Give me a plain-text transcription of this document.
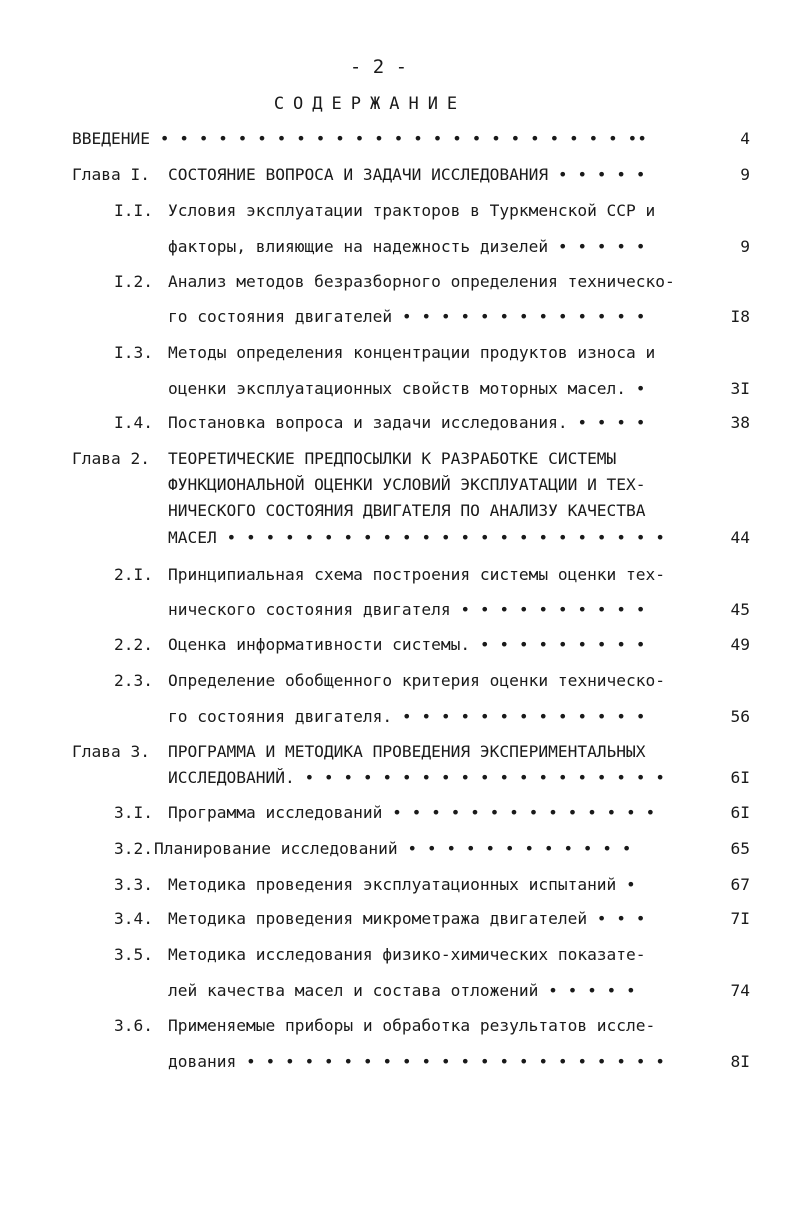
- 2 -
СОДЕРЖАНИЕ
ВВЕДЕНИЕ • • • • • • • • • • • • • • • • • • • • • • • • ••	4
Глава I. СОСТОЯНИЕ ВОПРОСА И ЗАДАЧИ ИССЛЕДОВАНИЯ • • • • •	9
I.I. Условия эксплуатации тракторов в Туркменской ССР и
факторы, влияющие на надежность дизелей • • • • •	9
I.2. Анализ методов безразборного определения техническо-
го состояния двигателей • • • • • • • • • • • • •	I8
I.3. Методы определения концентрации продуктов износа и
оценки эксплуатационных свойств моторных масел. •	3I
I.4. Постановка вопроса и задачи исследования. • • • •	38
Глава 2. ТЕОРЕТИЧЕСКИЕ ПРЕДПОСЫЛКИ К РАЗРАБОТКЕ СИСТЕМЫ
ФУНКЦИОНАЛЬНОЙ ОЦЕНКИ УСЛОВИЙ ЭКСПЛУАТАЦИИ И ТЕХ-
НИЧЕСКОГО СОСТОЯНИЯ ДВИГАТЕЛЯ ПО АНАЛИЗУ КАЧЕСТВА
МАСЕЛ • • • • • • • • • • • • • • • • • • • • • • •	44
2.I. Принципиальная схема построения системы оценки тех-
нического состояния двигателя • • • • • • • • • •	45
2.2. Оценка информативности системы. • • • • • • • • •	49
2.3. Определение обобщенного критерия оценки техническо-
го состояния двигателя. • • • • • • • • • • • • •	56
Глава 3. ПРОГРАММА И МЕТОДИКА ПРОВЕДЕНИЯ ЭКСПЕРИМЕНТАЛЬНЫХ
ИССЛЕДОВАНИЙ. • • • • • • • • • • • • • • • • • • •	6I
3.I. Программа исследований • • • • • • • • • • • • • •	6I
3.2. Планирование исследований • • • • • • • • • • • •	65
3.3. Методика проведения эксплуатационных испытаний •	67
3.4. Методика проведения микрометража двигателей • • •	7I
3.5. Методика исследования физико-химических показате-
лей качества масел и состава отложений • • • • •	74
3.6. Применяемые приборы и обработка результатов иссле-
дования • • • • • • • • • • • • • • • • • • • • • •	8I
